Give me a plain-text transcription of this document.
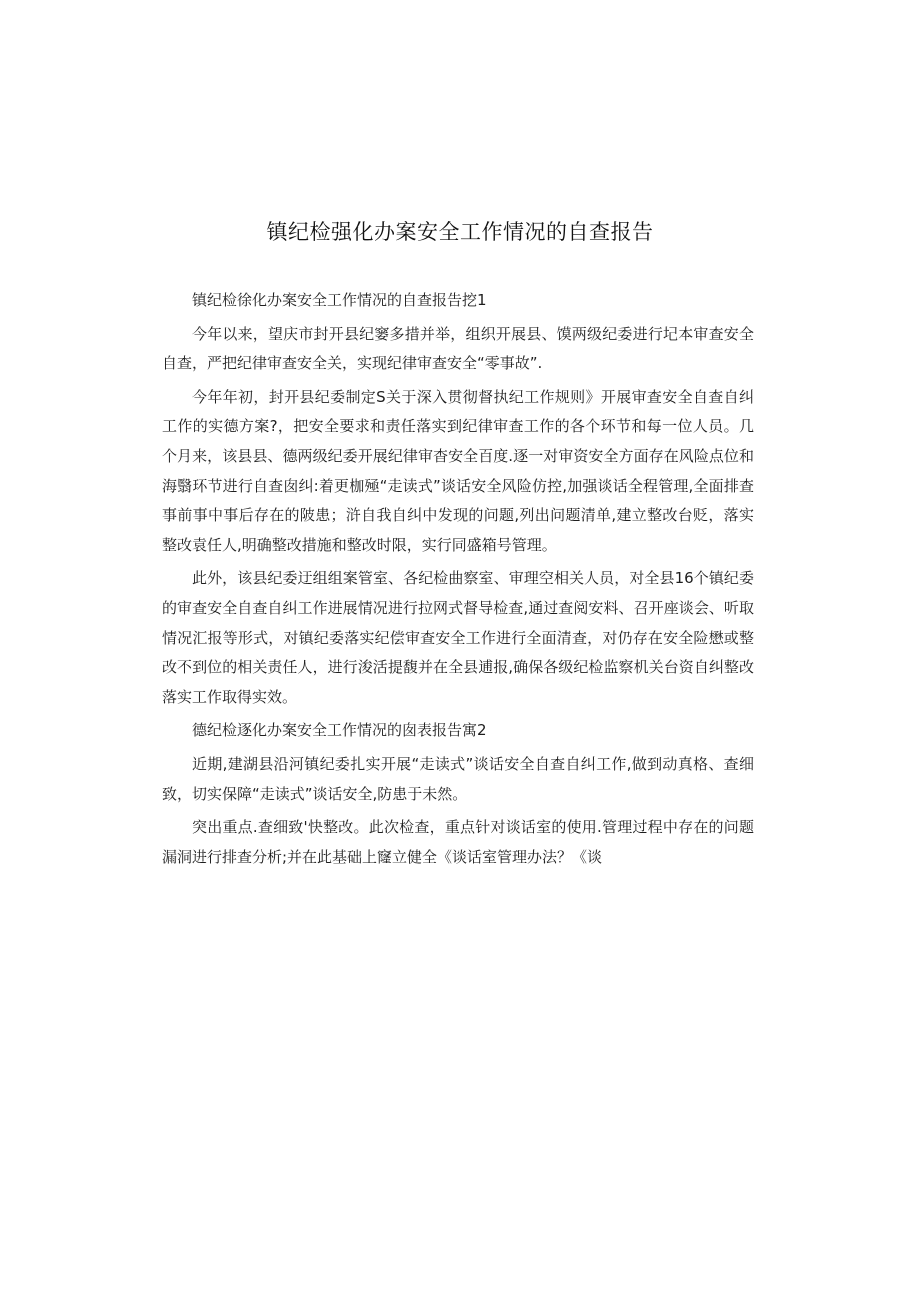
镇纪检强化办案安全工作情况的自查报告

镇纪检徐化办案安全工作情况的自查报告挖1

今年以来，望庆市封开县纪窭多措并举，组织开展县、馍两级纪委进行圮本审查安全自查，严把纪律审查安全关，实现纪律审查安全“零事故”.

今年年初，封开县纪委制定S关于深入贯彻督执纪工作规则》开展审查安全自查自纠工作的实德方案?，把安全要求和责任落实到纪律审查工作的各个环节和每一位人员。几个月来，该县县、德两级纪委开展纪律审杳安全百度.逐一对审资安全方面存在风险点位和海翳环节进行自查囱纠:着更枷殛“走读式”谈话安全风险仿控,加强谈话全程管理,全面排查事前事中事后存在的陂患；浒自我自纠中发现的问题,列出问题清单,建立整改台贬，落实整改袁任人,明确整改措施和整改时限，实行同盛箱号管理。

此外，该县纪委迂组组案管室、各纪检曲察室、审理空相关人员，对全县16个镇纪委的审查安全自查自纠工作进展情况进行拉网式督导检查,通过查阅安料、召开座谈会、听取情况汇报等形式，对镇纪委落实纪偿审查安全工作进行全面清查，对仍存在安全险懋或整改不到位的相关责任人，进行浚活提馥并在全县逋报,确保各级纪检监察机关台资自纠整改落实工作取得实效。

德纪检逐化办案安全工作情况的囱表报告寓2

近期,建湖县沿河镇纪委扎实开展“走读式”谈话安全自查自纠工作,做到动真格、查细致，切实保障“走读式”谈话安全,防患于未然。

突出重点.查细致'快整改。此次检查，重点针对谈话室的使用.管理过程中存在的问题漏洞进行排查分析;并在此基础上窿立健全《谈话室管理办法？《谈
